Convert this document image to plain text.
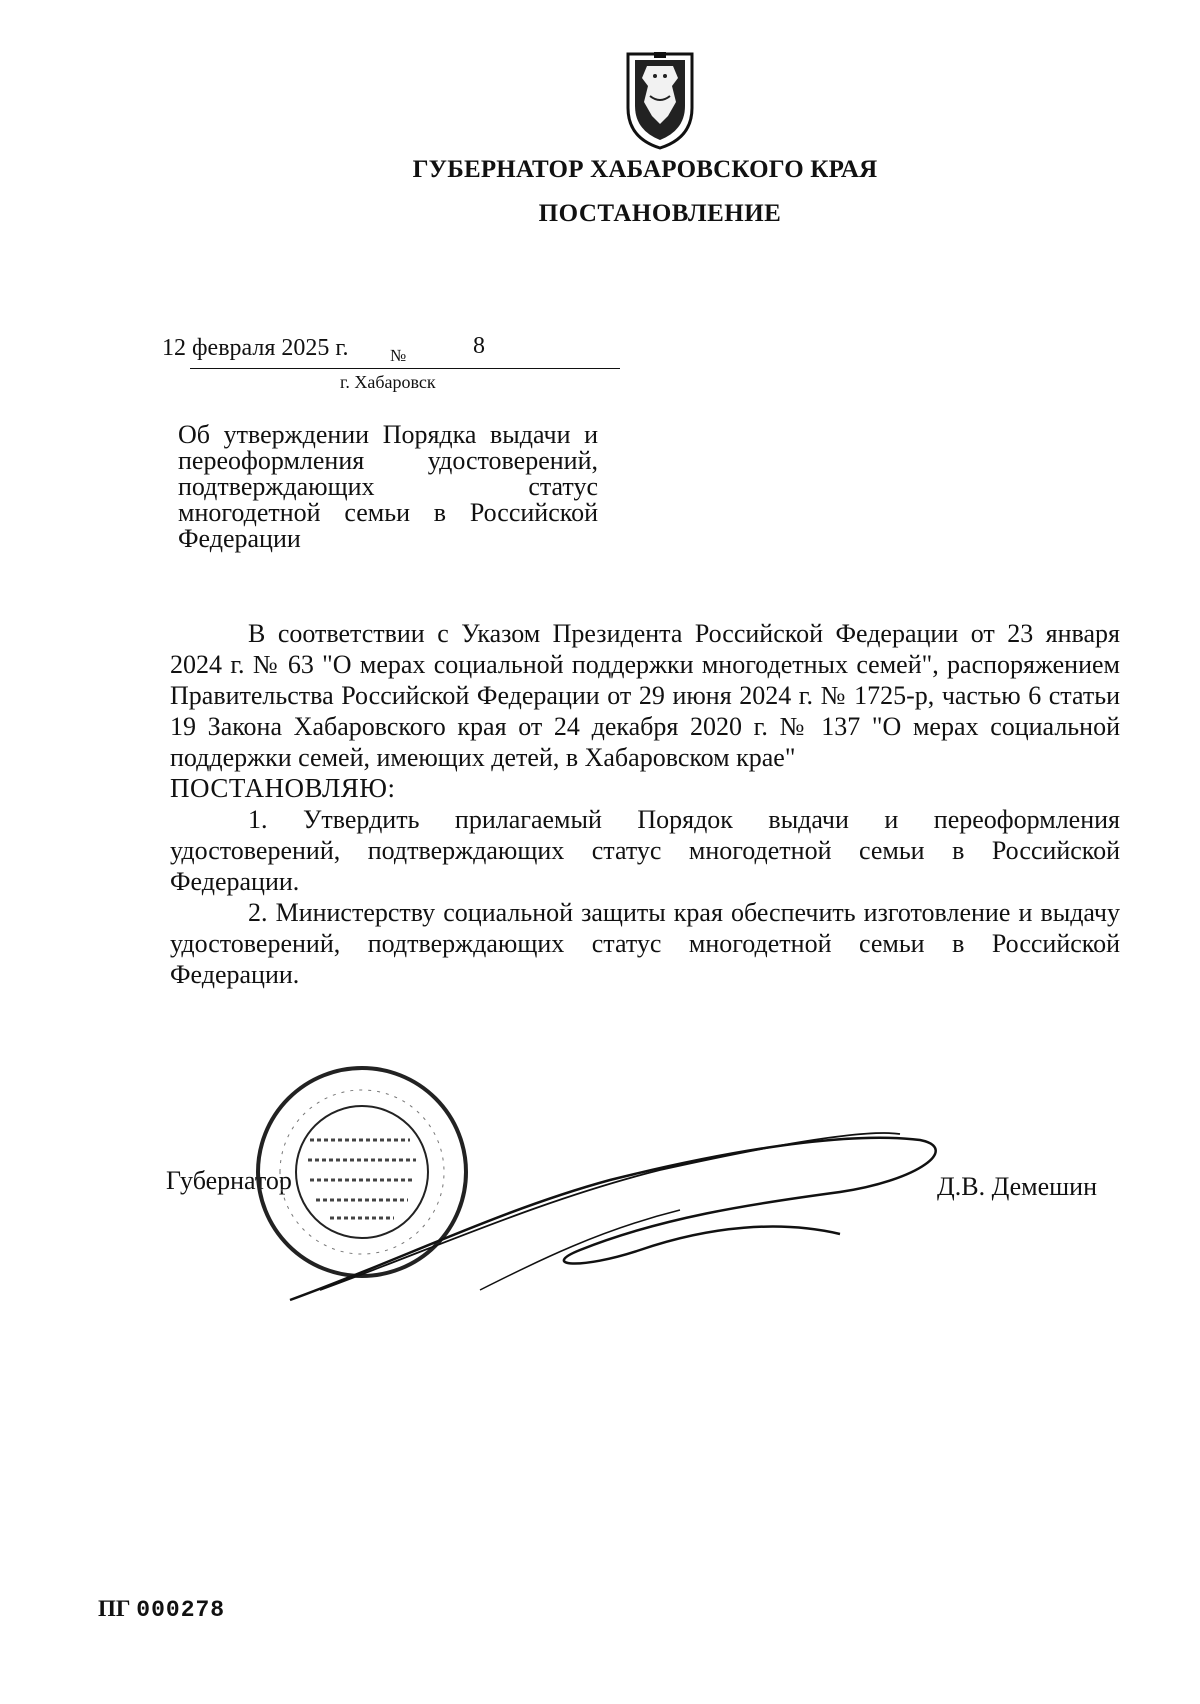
ГУБЕРНАТОР ХАБАРОВСКОГО КРАЯ
ПОСТАНОВЛЕНИЕ
12 февраля 2025 г. №	8
г. Хабаровск
Об утверждении Порядка выдачи и переоформления удостоверений, подтверждающих статус многодетной семьи в Российской Федерации

В соответствии с Указом Президента Российской Федерации от 23 января 2024 г. № 63 "О мерах социальной поддержки многодетных семей", распоряжением Правительства Российской Федерации от 29 июня 2024 г. № 1725-р, частью 6 статьи 19 Закона Хабаровского края от 24 декабря 2020 г. № 137 "О мерах социальной поддержки семей, имеющих детей, в Хабаровском крае"

ПОСТАНОВЛЯЮ:

1. Утвердить прилагаемый Порядок выдачи и переоформления удостоверений, подтверждающих статус многодетной семьи в Российской Федерации.

2. Министерству социальной защиты края обеспечить изготовление и выдачу удостоверений, подтверждающих статус многодетной семьи в Российской Федерации.

Губернатор	Д.В. Демешин
ПГ 000278
